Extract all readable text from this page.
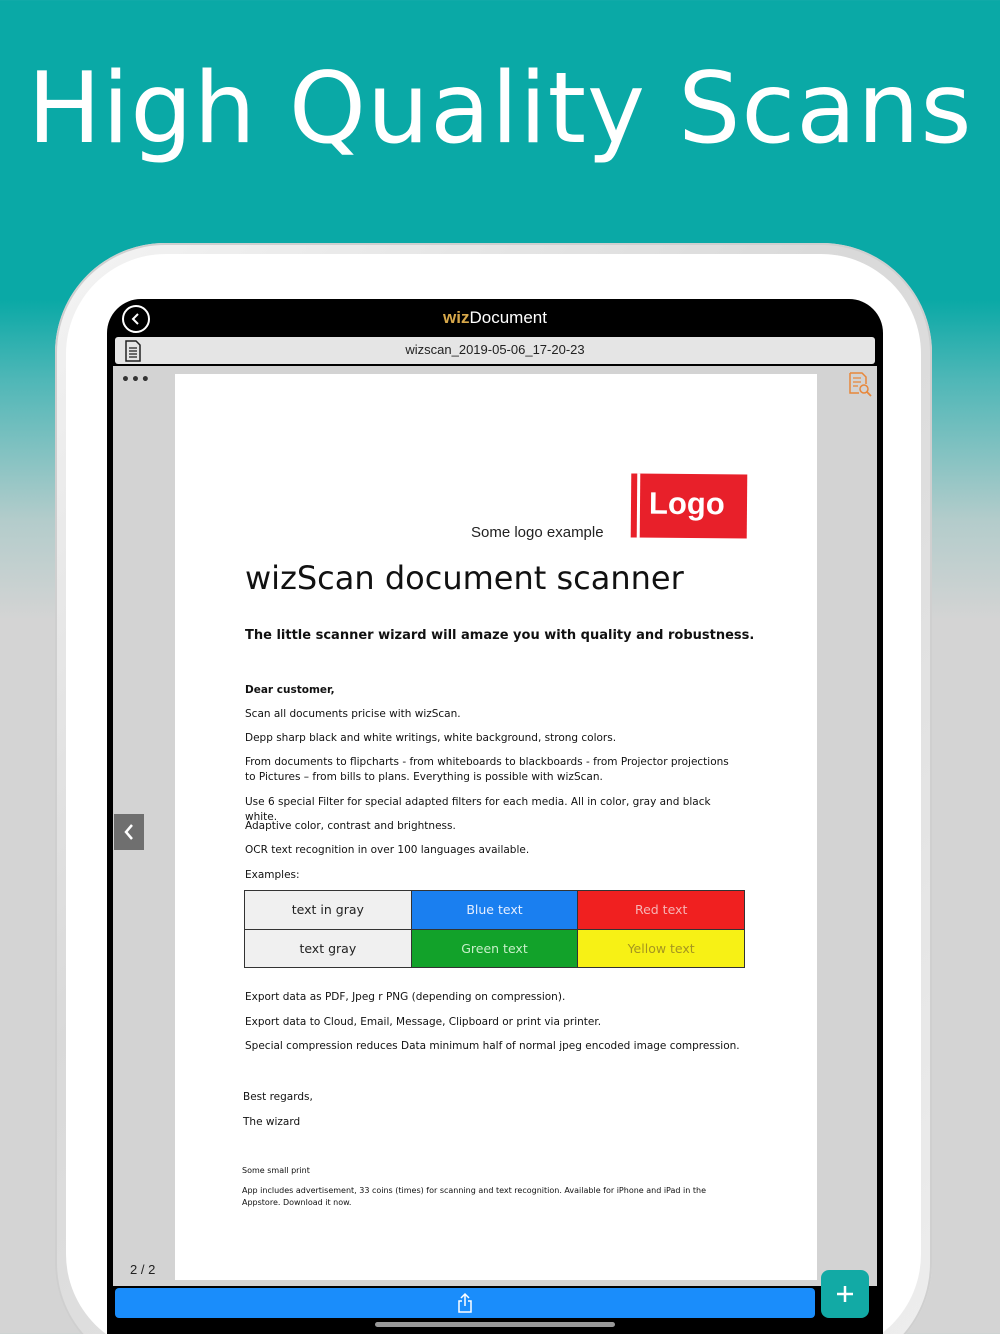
High Quality Scans
wizDocument
wizscan_2019-05-06_17-20-23
•••
Some logo example
Logo
wizScan document scanner
The little scanner wizard will amaze you with quality and robustness.
Dear customer,
Scan all documents pricise with wizScan.
Depp sharp black and white writings, white background, strong colors.
From documents to flipcharts - from whiteboards to blackboards - from Projector projections to Pictures – from bills to plans. Everything is possible with wizScan.
Use 6 special Filter for special adapted filters for each media. All in color, gray and black white.
Adaptive color, contrast and brightness.
OCR text recognition in over 100 languages available.
Examples:
text in gray	Blue text	Red text
text gray	Green text	Yellow text
Export data as PDF, Jpeg r PNG (depending on compression).
Export data to Cloud, Email, Message, Clipboard or print via printer.
Special compression reduces Data minimum half of normal jpeg encoded image compression.
Best regards,
The wizard
Some small print
App includes advertisement, 33 coins (times) for scanning and text recognition. Available for iPhone and iPad in the Appstore. Download it now.
2 / 2
